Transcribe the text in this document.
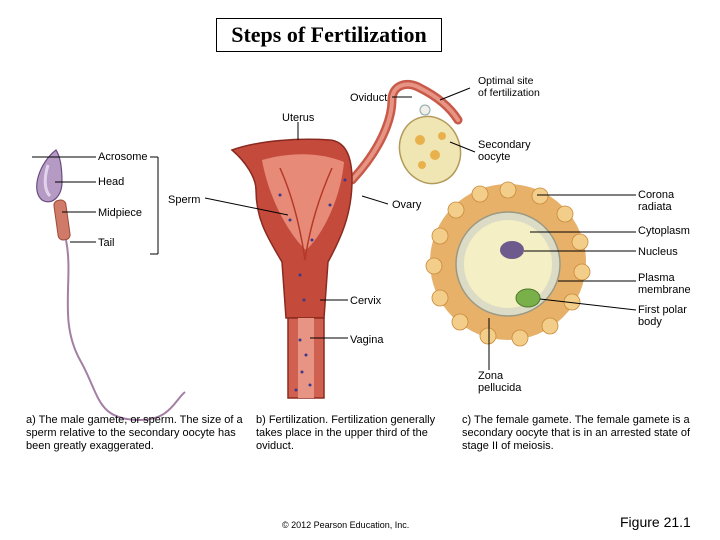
Steps of Fertilization
Optimal site
of fertilization
Oviduct
Uterus
Secondary
oocyte
Acrosome
Head
Sperm	Ovary
Corona
radiata
Midpiece
Cytoplasm
Tail
Nucleus
Plasma
membrane
Cervix
First polar
body
Vagina
Zona
pellucida
a) The male gamete, or sperm. The size of a sperm relative to the secondary oocyte has been greatly exaggerated.
b) Fertilization. Fertilization generally takes place in the upper third of the oviduct.
c) The female gamete. The female gamete is a secondary oocyte that is in an arrested state of stage II of meiosis.
© 2012 Pearson Education, Inc.	Figure 21.1
